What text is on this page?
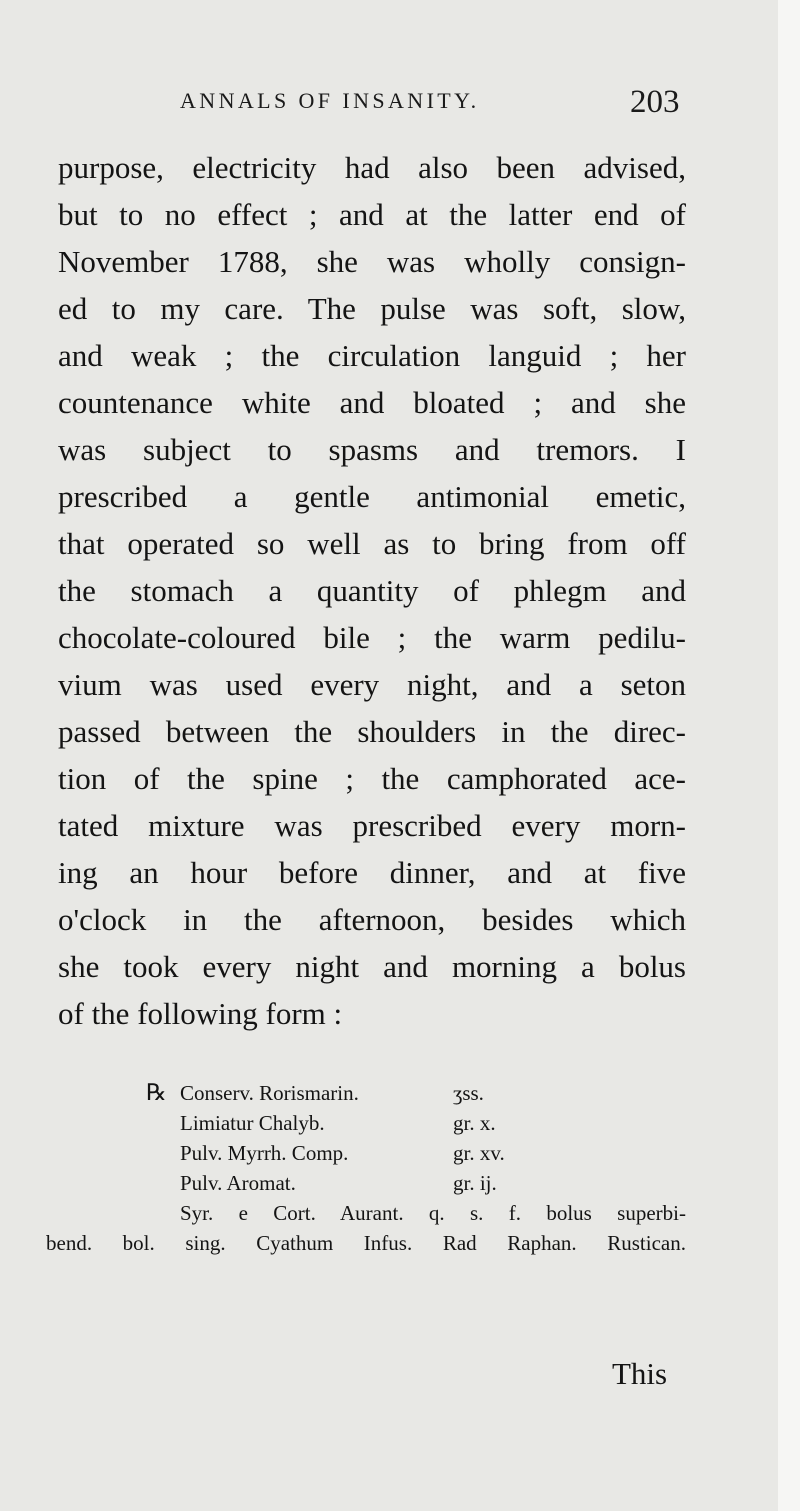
ANNALS OF INSANITY.	203
purpose, electricity had also been advised,
but to no effect ; and at the latter end of
November 1788, she was wholly consign-
ed to my care. The pulse was soft, slow,
and weak ; the circulation languid ; her
countenance white and bloated ; and she
was subject to spasms and tremors. I
prescribed a gentle antimonial emetic,
that operated so well as to bring from off
the stomach a quantity of phlegm and
chocolate-coloured bile ; the warm pedilu-
vium was used every night, and a seton
passed between the shoulders in the direc-
tion of the spine ; the camphorated ace-
tated mixture was prescribed every morn-
ing an hour before dinner, and at five
o'clock in the afternoon, besides which
she took every night and morning a bolus
of the following form :
℞ Conserv. Rorismarin.	ʒss.
Limiatur Chalyb.	gr. x.
Pulv. Myrrh. Comp.	gr. xv.
Pulv. Aromat.	gr. ij.
Syr. e Cort. Aurant. q. s. f. bolus superbi-
bend. bol. sing. Cyathum Infus. Rad Raphan. Rustican.
This
